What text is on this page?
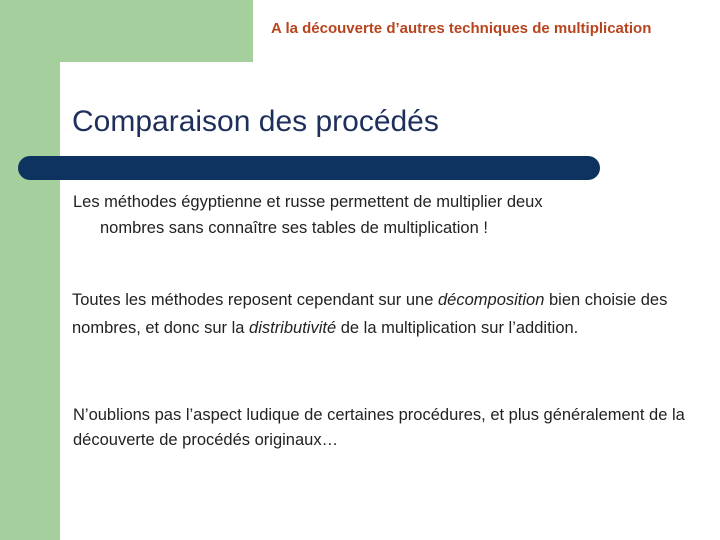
A la découverte d’autres techniques de multiplication
Comparaison des procédés
Les méthodes égyptienne et russe permettent de multiplier deux
nombres sans connaître ses tables de multiplication !
Toutes les méthodes reposent cependant sur une décomposition bien choisie des nombres, et donc sur la distributivité de la multiplication sur l’addition.
N’oublions pas l’aspect ludique de certaines procédures, et plus généralement de la découverte de procédés originaux…
